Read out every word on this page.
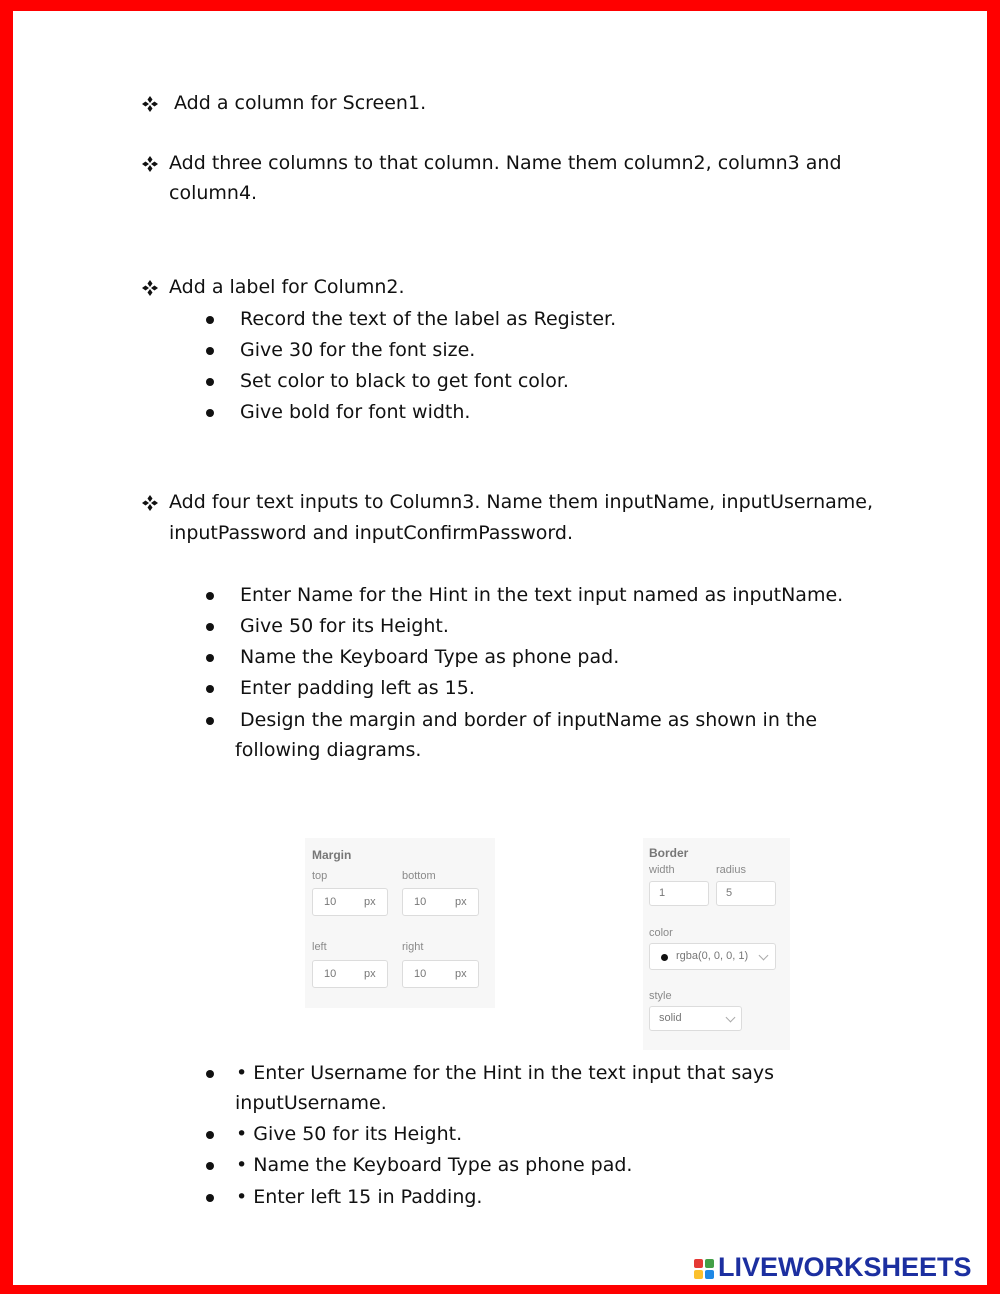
Add a column for Screen1.
Add three columns to that column. Name them column2, column3 and
column4.
Add a label for Column2.
Record the text of the label as Register.
Give 30 for the font size.
Set color to black to get font color.
Give bold for font width.
Add four text inputs to Column3. Name them inputName, inputUsername,
inputPassword and inputConfirmPassword.
Enter Name for the Hint in the text input named as inputName.
Give 50 for its Height.
Name the Keyboard Type as phone pad.
Enter padding left as 15.
Design the margin and border of inputName as shown in the
following diagrams.
Margin
top	bottom
10	px	10	px
left	right
10	px	10	px
Border
width	radius
1	5
color
rgba(0, 0, 0, 1)
style
solid
• Enter Username for the Hint in the text input that says
inputUsername.
• Give 50 for its Height.
• Name the Keyboard Type as phone pad.
• Enter left 15 in Padding.
LIVEWORKSHEETS
